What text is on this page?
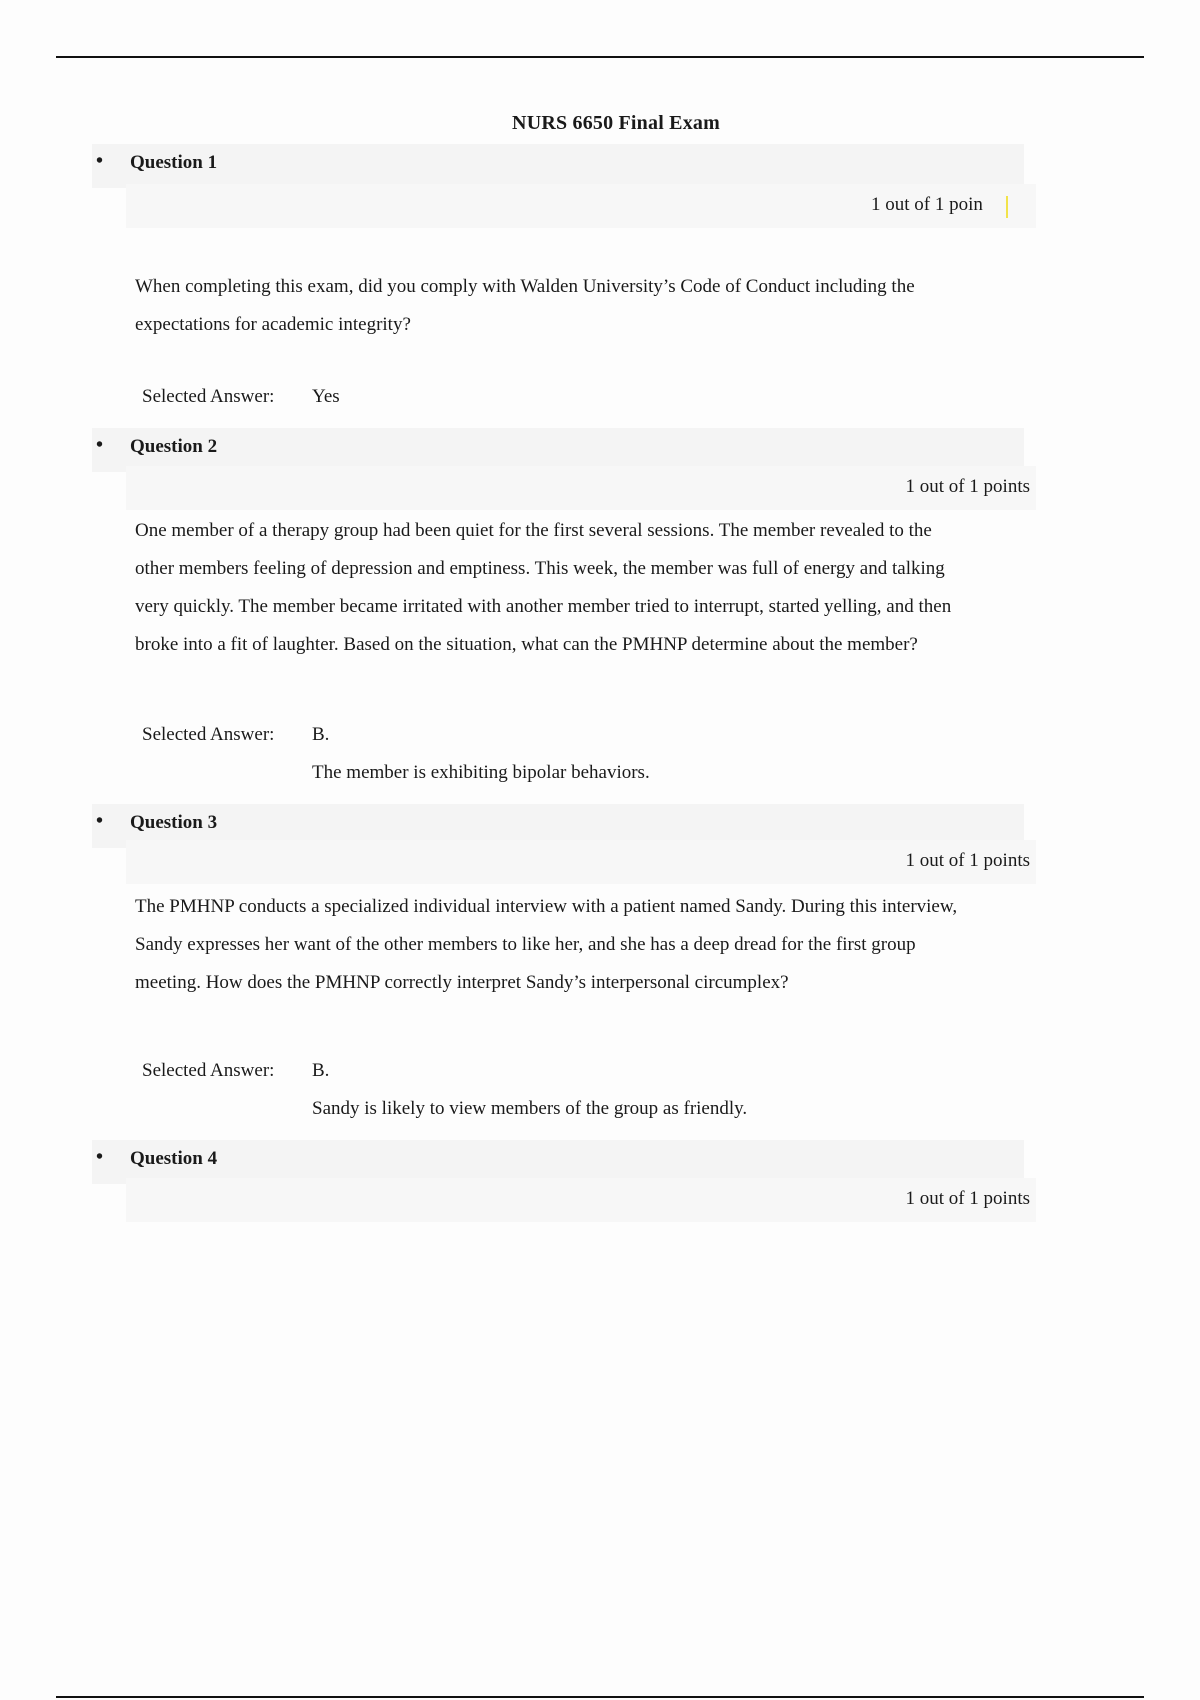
NURS 6650 Final Exam
• Question 1
1 out of 1 poin
When completing this exam, did you comply with Walden University’s Code of Conduct including the expectations for academic integrity?
Selected Answer: Yes
• Question 2
1 out of 1 points
One member of a therapy group had been quiet for the first several sessions. The member revealed to the other members feeling of depression and emptiness. This week, the member was full of energy and talking very quickly. The member became irritated with another member tried to interrupt, started yelling, and then broke into a fit of laughter. Based on the situation, what can the PMHNP determine about the member?
Selected Answer: B.
The member is exhibiting bipolar behaviors.
• Question 3
1 out of 1 points
The PMHNP conducts a specialized individual interview with a patient named Sandy. During this interview, Sandy expresses her want of the other members to like her, and she has a deep dread for the first group meeting. How does the PMHNP correctly interpret Sandy’s interpersonal circumplex?
Selected Answer: B.
Sandy is likely to view members of the group as friendly.
• Question 4
1 out of 1 points
